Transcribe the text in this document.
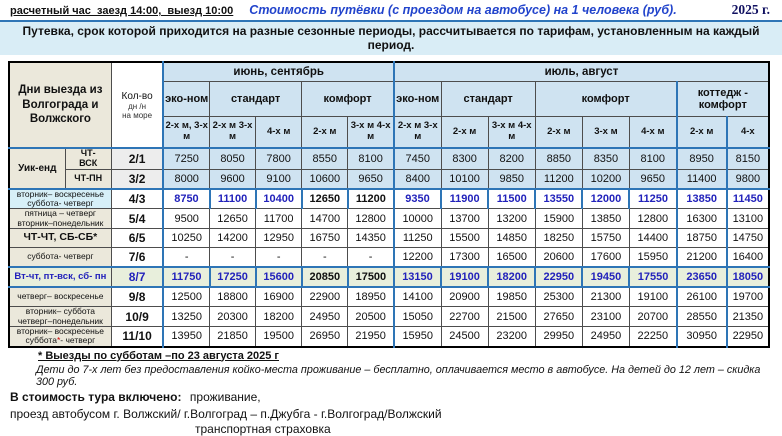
расчетный час  заезд 14:00,  выезд 10:00 Стоимость путёвки (с проездом на автобусе) на 1 человека (руб).	2025 г.
Путевка, срок которой приходится на разные сезонные периоды, рассчитывается по тарифам, установленным на каждый период.
Дни выезда из Волгограда и Волжского		Кол-во
дн /н
на море	июнь, сентябрь					июль, август							
			эко-ном	стандарт		комфорт		эко-ном	стандарт		комфорт			коттедж - комфорт	
			2-х м, 3-х м	2-х м 3-х м	4-х м	2-х м	3-х м 4-х м	2-х м 3-х м	2-х м	3-х м 4-х м	2-х м	3-х м	4-х м	2-х м	4-х
Уик-енд	ЧТ-
ВСК	2/1	7250	8050	7800	8550	8100	7450	8300	8200	8850	8350	8100	8950	8150

	ЧТ-ПН	3/2	8000	9600	9100	10600	9650	8400	10100	9850	11200	10200	9650	11400	9800

вторник– воскресенье
суббота- четверг		4/3	8750	11100	10400	12650	11200	9350	11900	11500	13550	12000	11250	13850	11450

пятница – четверг
вторник–понедельник		5/4	9500	12650	11700	14700	12800	10000	13700	13200	15900	13850	12800	16300	13100

ЧТ-ЧТ, СБ-СБ*		6/5	10250	14200	12950	16750	14350	11250	15500	14850	18250	15750	14400	18750	14750

суббота- четверг		7/6	-	-	-	-	-	12200	17300	16500	20600	17600	15950	21200	16400

Вт-чт, пт-вск, сб- пн		8/7	11750	17250	15600	20850	17500	13150	19100	18200	22950	19450	17550	23650	18050

четверг– воскресенье		9/8	12500	18800	16900	22900	18950	14100	20900	19850	25300	21300	19100	26100	19700

вторник– суббота
четверг–понедельник		10/9	13250	20300	18200	24950	20500	15050	22700	21500	27650	23100	20700	28550	21350

вторник– воскресенье
суббота*- четверг		11/10	13950	21850	19500	26950	21950	15950	24500	23200	29950	24950	22250	30950	22950
* Выезды по субботам –по 23 августа 2025 г
Дети до 7-х лет без предоставления койко-места проживание – бесплатно, оплачивается место в автобусе. На детей до 12 лет – скидка 300 руб.
В стоимость тура включено: проживание,
проезд автобусом г. Волжский/ г.Волгоград – п.Джубга - г.Волгоград/Волжский
транспортная страховка
